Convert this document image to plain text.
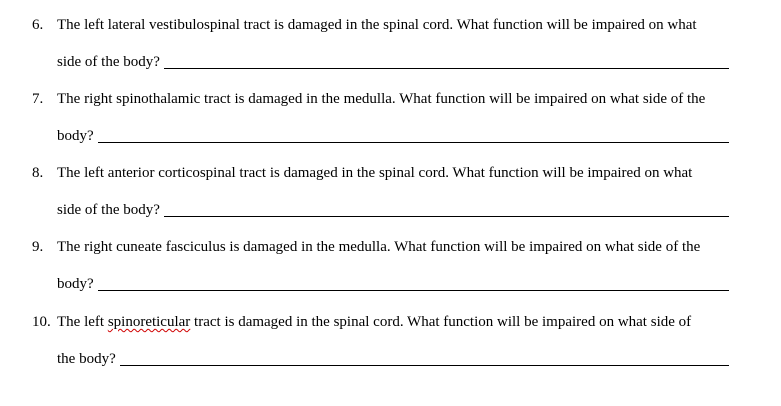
6. The left lateral vestibulospinal tract is damaged in the spinal cord. What function will be impaired on what
side of the body?
7. The right spinothalamic tract is damaged in the medulla. What function will be impaired on what side of the
body?
8. The left anterior corticospinal tract is damaged in the spinal cord. What function will be impaired on what
side of the body?
9. The right cuneate fasciculus is damaged in the medulla. What function will be impaired on what side of the
body?
10. The left spinoreticular tract is damaged in the spinal cord. What function will be impaired on what side of
the body?
